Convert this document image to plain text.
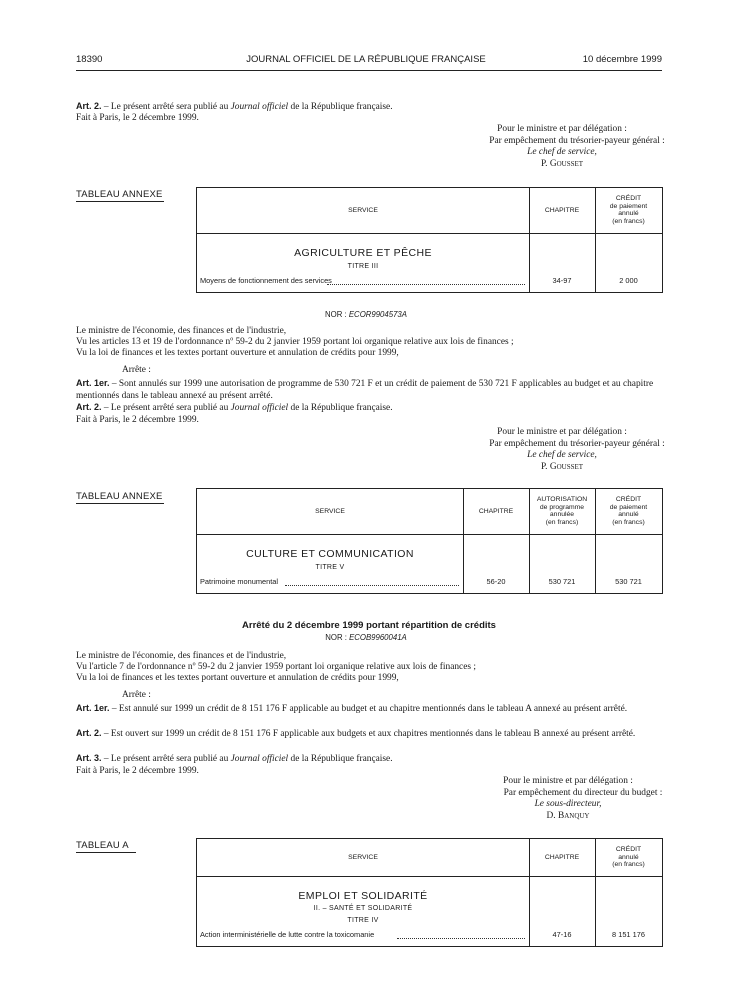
18390	JOURNAL OFFICIEL DE LA RÉPUBLIQUE FRANÇAISE	10 décembre 1999
Art. 2. – Le présent arrêté sera publié au Journal officiel de la République française.
Fait à Paris, le 2 décembre 1999.
Pour le ministre et par délégation :
Par empêchement du trésorier-payeur général :
Le chef de service,
P. Gousset
TABLEAU ANNEXE
SERVICE	CHAPITRE
CRÉDIT
de paiement
annulé
(en francs)
AGRICULTURE ET PÊCHE
TITRE III
Moyens de fonctionnement des services	34-97	2 000
NOR : ECOR9904573A
Le ministre de l'économie, des finances et de l'industrie,
Vu les articles 13 et 19 de l'ordonnance nº 59-2 du 2 janvier 1959 portant loi organique relative aux lois de finances ;
Vu la loi de finances et les textes portant ouverture et annulation de crédits pour 1999,
Arrête :
Art. 1er. – Sont annulés sur 1999 une autorisation de programme de 530 721 F et un crédit de paiement de 530 721 F applicables au budget et au chapitre mentionnés dans le tableau annexé au présent arrêté.
Art. 2. – Le présent arrêté sera publié au Journal officiel de la République française.
Fait à Paris, le 2 décembre 1999.
Pour le ministre et par délégation :
Par empêchement du trésorier-payeur général :
Le chef de service,
P. Gousset
TABLEAU ANNEXE
SERVICE	CHAPITRE
AUTORISATION
de programme
annulée
(en francs)
CRÉDIT
de paiement
annulé
(en francs)
CULTURE ET COMMUNICATION
TITRE V
Patrimoine monumental	56-20	530 721	530 721
Arrêté du 2 décembre 1999 portant répartition de crédits
NOR : ECOB9960041A
Le ministre de l'économie, des finances et de l'industrie,
Vu l'article 7 de l'ordonnance nº 59-2 du 2 janvier 1959 portant loi organique relative aux lois de finances ;
Vu la loi de finances et les textes portant ouverture et annulation de crédits pour 1999,
Arrête :
Art. 1er. – Est annulé sur 1999 un crédit de 8 151 176 F applicable au budget et au chapitre mentionnés dans le tableau A annexé au présent arrêté.
Art. 2. – Est ouvert sur 1999 un crédit de 8 151 176 F applicable aux budgets et aux chapitres mentionnés dans le tableau B annexé au présent arrêté.
Art. 3. – Le présent arrêté sera publié au Journal officiel de la République française.
Fait à Paris, le 2 décembre 1999.
Pour le ministre et par délégation :
Par empêchement du directeur du budget :
Le sous-directeur,
D. Banquy
TABLEAU A
SERVICE	CHAPITRE
CRÉDIT
annulé
(en francs)
EMPLOI ET SOLIDARITÉ
II. – SANTÉ ET SOLIDARITÉ
TITRE IV
Action interministérielle de lutte contre la toxicomanie	47-16	8 151 176
